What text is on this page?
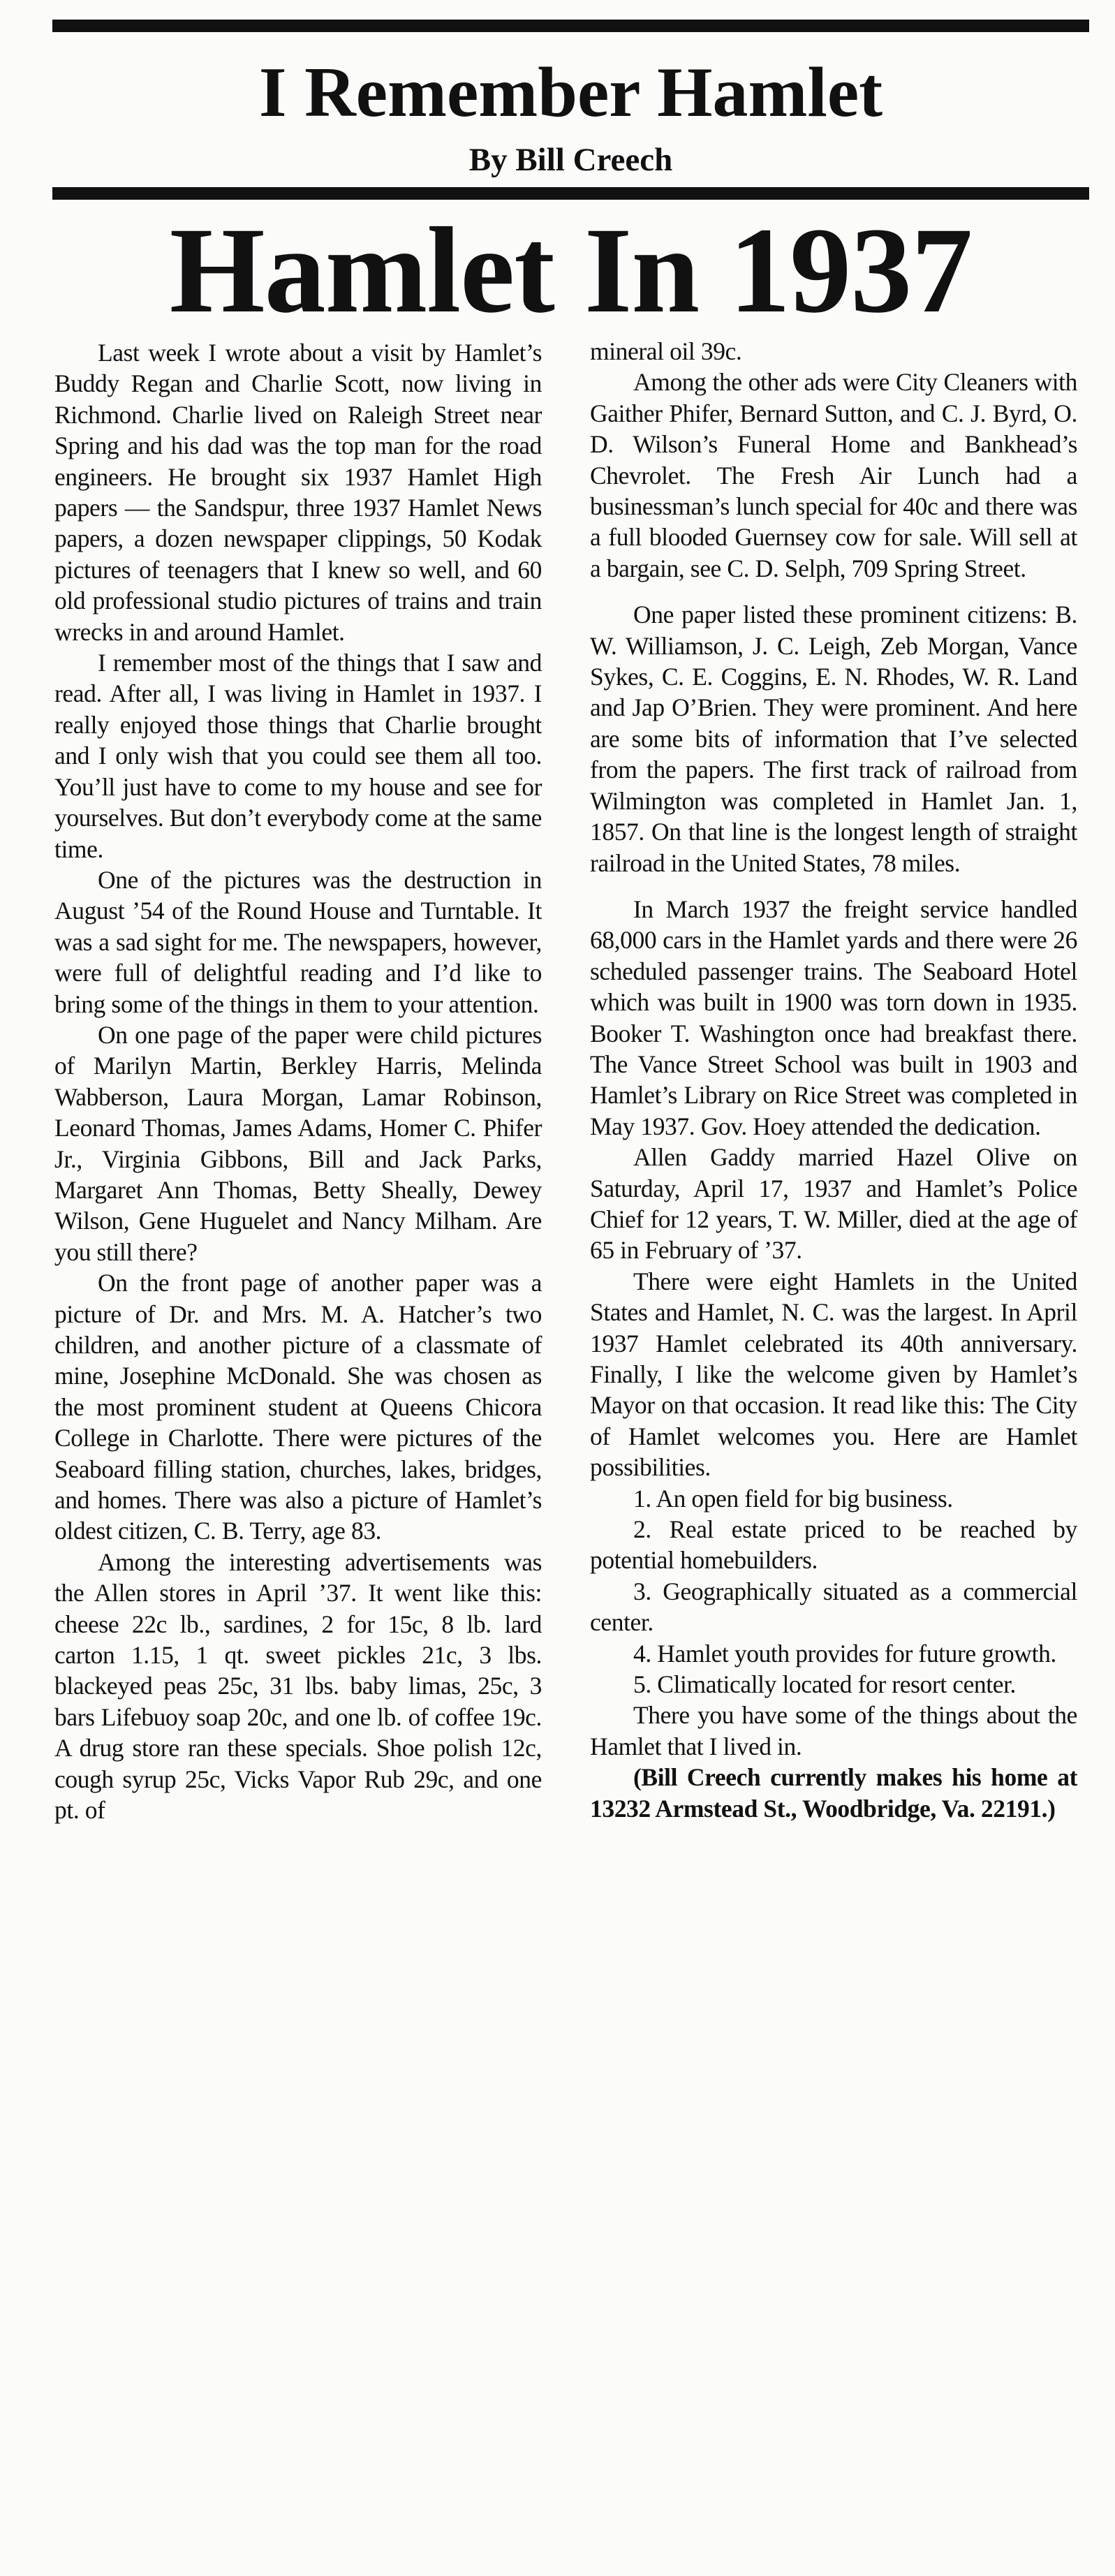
I Remember Hamlet
By Bill Creech
Hamlet In 1937

Last week I wrote about a visit by Hamlet’s Buddy Regan and Charlie Scott, now living in Richmond. Charlie lived on Raleigh Street near Spring and his dad was the top man for the road engineers. He brought six 1937 Hamlet High papers — the Sandspur, three 1937 Hamlet News papers, a dozen newspaper clippings, 50 Kodak pictures of teenagers that I knew so well, and 60 old professional studio pictures of trains and train wrecks in and around Hamlet.

I remember most of the things that I saw and read. After all, I was living in Hamlet in 1937. I really enjoyed those things that Charlie brought and I only wish that you could see them all too. You’ll just have to come to my house and see for yourselves. But don’t everybody come at the same time.

One of the pictures was the destruction in August ’54 of the Round House and Turntable. It was a sad sight for me. The newspapers, however, were full of delightful reading and I’d like to bring some of the things in them to your attention.

On one page of the paper were child pictures of Marilyn Martin, Berkley Harris, Melinda Wabberson, Laura Morgan, Lamar Robinson, Leonard Thomas, James Adams, Homer C. Phifer Jr., Virginia Gibbons, Bill and Jack Parks, Margaret Ann Thomas, Betty Sheally, Dewey Wilson, Gene Huguelet and Nancy Milham. Are you still there?

On the front page of another paper was a picture of Dr. and Mrs. M. A. Hatcher’s two children, and another picture of a classmate of mine, Josephine McDonald. She was chosen as the most prominent student at Queens Chicora College in Charlotte. There were pictures of the Seaboard filling station, churches, lakes, bridges, and homes. There was also a picture of Hamlet’s oldest citizen, C. B. Terry, age 83.

Among the interesting advertisements was the Allen stores in April ’37. It went like this: cheese 22c lb., sardines, 2 for 15c, 8 lb. lard carton 1.15, 1 qt. sweet pickles 21c, 3 lbs. blackeyed peas 25c, 31 lbs. baby limas, 25c, 3 bars Lifebuoy soap 20c, and one lb. of coffee 19c. A drug store ran these specials. Shoe polish 12c, cough syrup 25c, Vicks Vapor Rub 29c, and one pt. of

mineral oil 39c.

Among the other ads were City Cleaners with Gaither Phifer, Bernard Sutton, and C. J. Byrd, O. D. Wilson’s Funeral Home and Bankhead’s Chevrolet. The Fresh Air Lunch had a businessman’s lunch special for 40c and there was a full blooded Guernsey cow for sale. Will sell at a bargain, see C. D. Selph, 709 Spring Street.

One paper listed these prominent citizens: B. W. Williamson, J. C. Leigh, Zeb Morgan, Vance Sykes, C. E. Coggins, E. N. Rhodes, W. R. Land and Jap O’Brien. They were prominent. And here are some bits of information that I’ve selected from the papers. The first track of railroad from Wilmington was completed in Hamlet Jan. 1, 1857. On that line is the longest length of straight railroad in the United States, 78 miles.

In March 1937 the freight service handled 68,000 cars in the Hamlet yards and there were 26 scheduled passenger trains. The Seaboard Hotel which was built in 1900 was torn down in 1935. Booker T. Washington once had breakfast there. The Vance Street School was built in 1903 and Hamlet’s Library on Rice Street was completed in May 1937. Gov. Hoey attended the dedication.

Allen Gaddy married Hazel Olive on Saturday, April 17, 1937 and Hamlet’s Police Chief for 12 years, T. W. Miller, died at the age of 65 in February of ’37.

There were eight Hamlets in the United States and Hamlet, N. C. was the largest. In April 1937 Hamlet celebrated its 40th anniversary. Finally, I like the welcome given by Hamlet’s Mayor on that occasion. It read like this: The City of Hamlet welcomes you. Here are Hamlet possibilities.

1. An open field for big business.

2. Real estate priced to be reached by potential homebuilders.

3. Geographically situated as a commercial center.

4. Hamlet youth provides for future growth.

5. Climatically located for resort center.

There you have some of the things about the Hamlet that I lived in.

(Bill Creech currently makes his home at 13232 Armstead St., Woodbridge, Va. 22191.)
